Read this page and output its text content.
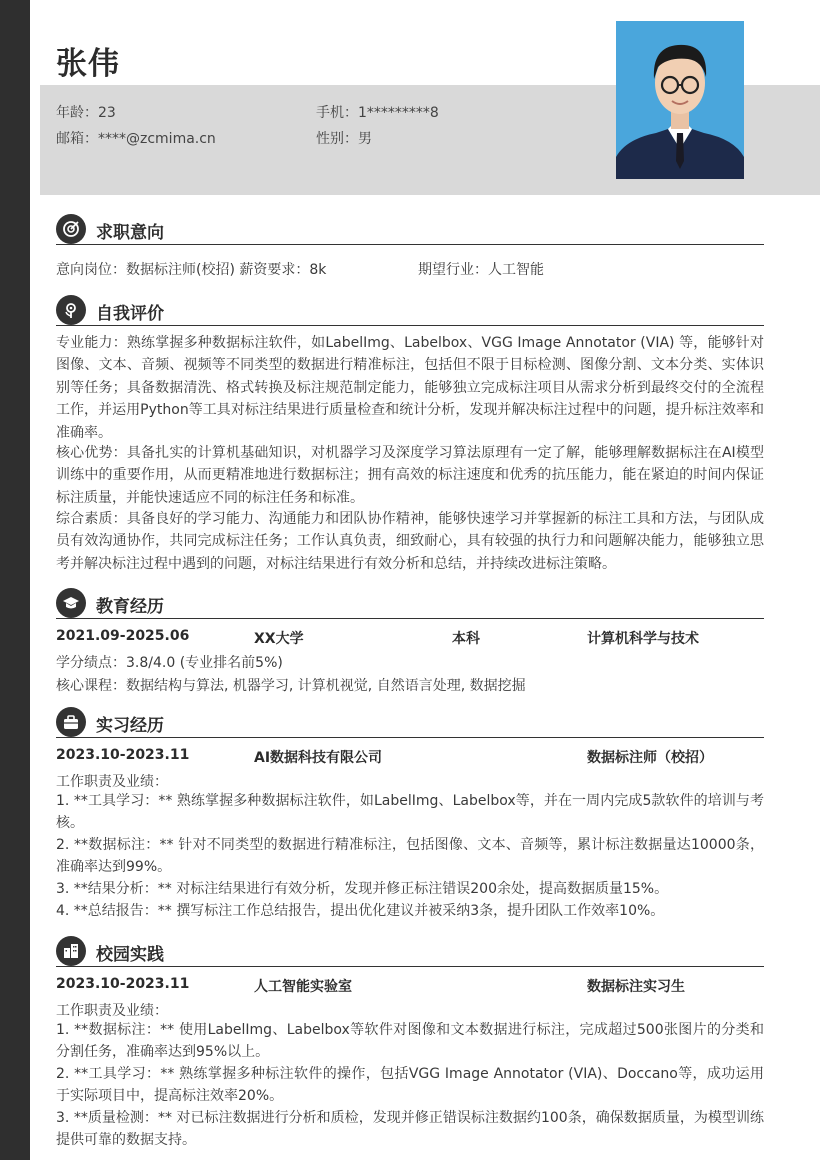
张伟
年龄：23	手机：1*********8
邮箱：****@zcmima.cn	性别：男
求职意向
意向岗位：数据标注师(校招) 薪资要求：8k	期望行业：人工智能
自我评价

专业能力：熟练掌握多种数据标注软件，如LabelImg、Labelbox、VGG Image Annotator (VIA) 等，能够针对图像、文本、音频、视频等不同类型的数据进行精准标注，包括但不限于目标检测、图像分割、文本分类、实体识别等任务；具备数据清洗、格式转换及标注规范制定能力，能够独立完成标注项目从需求分析到最终交付的全流程工作，并运用Python等工具对标注结果进行质量检查和统计分析，发现并解决标注过程中的问题，提升标注效率和准确率。

核心优势：具备扎实的计算机基础知识，对机器学习及深度学习算法原理有一定了解，能够理解数据标注在AI模型训练中的重要作用，从而更精准地进行数据标注；拥有高效的标注速度和优秀的抗压能力，能在紧迫的时间内保证标注质量，并能快速适应不同的标注任务和标准。

综合素质：具备良好的学习能力、沟通能力和团队协作精神，能够快速学习并掌握新的标注工具和方法，与团队成员有效沟通协作，共同完成标注任务；工作认真负责，细致耐心，具有较强的执行力和问题解决能力，能够独立思考并解决标注过程中遇到的问题，对标注结果进行有效分析和总结，并持续改进标注策略。

教育经历
2021.09-2025.06	XX大学	本科	计算机科学与技术
学分绩点：3.8/4.0 (专业排名前5%)
核心课程：数据结构与算法, 机器学习, 计算机视觉, 自然语言处理, 数据挖掘
实习经历
2023.10-2023.11	AI数据科技有限公司	数据标注师（校招）
工作职责及业绩：

1. **工具学习：** 熟练掌握多种数据标注软件，如LabelImg、Labelbox等，并在一周内完成5款软件的培训与考核。

2. **数据标注：** 针对不同类型的数据进行精准标注，包括图像、文本、音频等，累计标注数据量达10000条，准确率达到99%。

3. **结果分析：** 对标注结果进行有效分析，发现并修正标注错误200余处，提高数据质量15%。

4. **总结报告：** 撰写标注工作总结报告，提出优化建议并被采纳3条，提升团队工作效率10%。

校园实践
2023.10-2023.11	人工智能实验室	数据标注实习生
工作职责及业绩：

1. **数据标注：** 使用LabelImg、Labelbox等软件对图像和文本数据进行标注，完成超过500张图片的分类和分割任务，准确率达到95%以上。

2. **工具学习：** 熟练掌握多种标注软件的操作，包括VGG Image Annotator (VIA)、Doccano等，成功运用于实际项目中，提高标注效率20%。

3. **质量检测：** 对已标注数据进行分析和质检，发现并修正错误标注数据约100条，确保数据质量，为模型训练提供可靠的数据支持。
